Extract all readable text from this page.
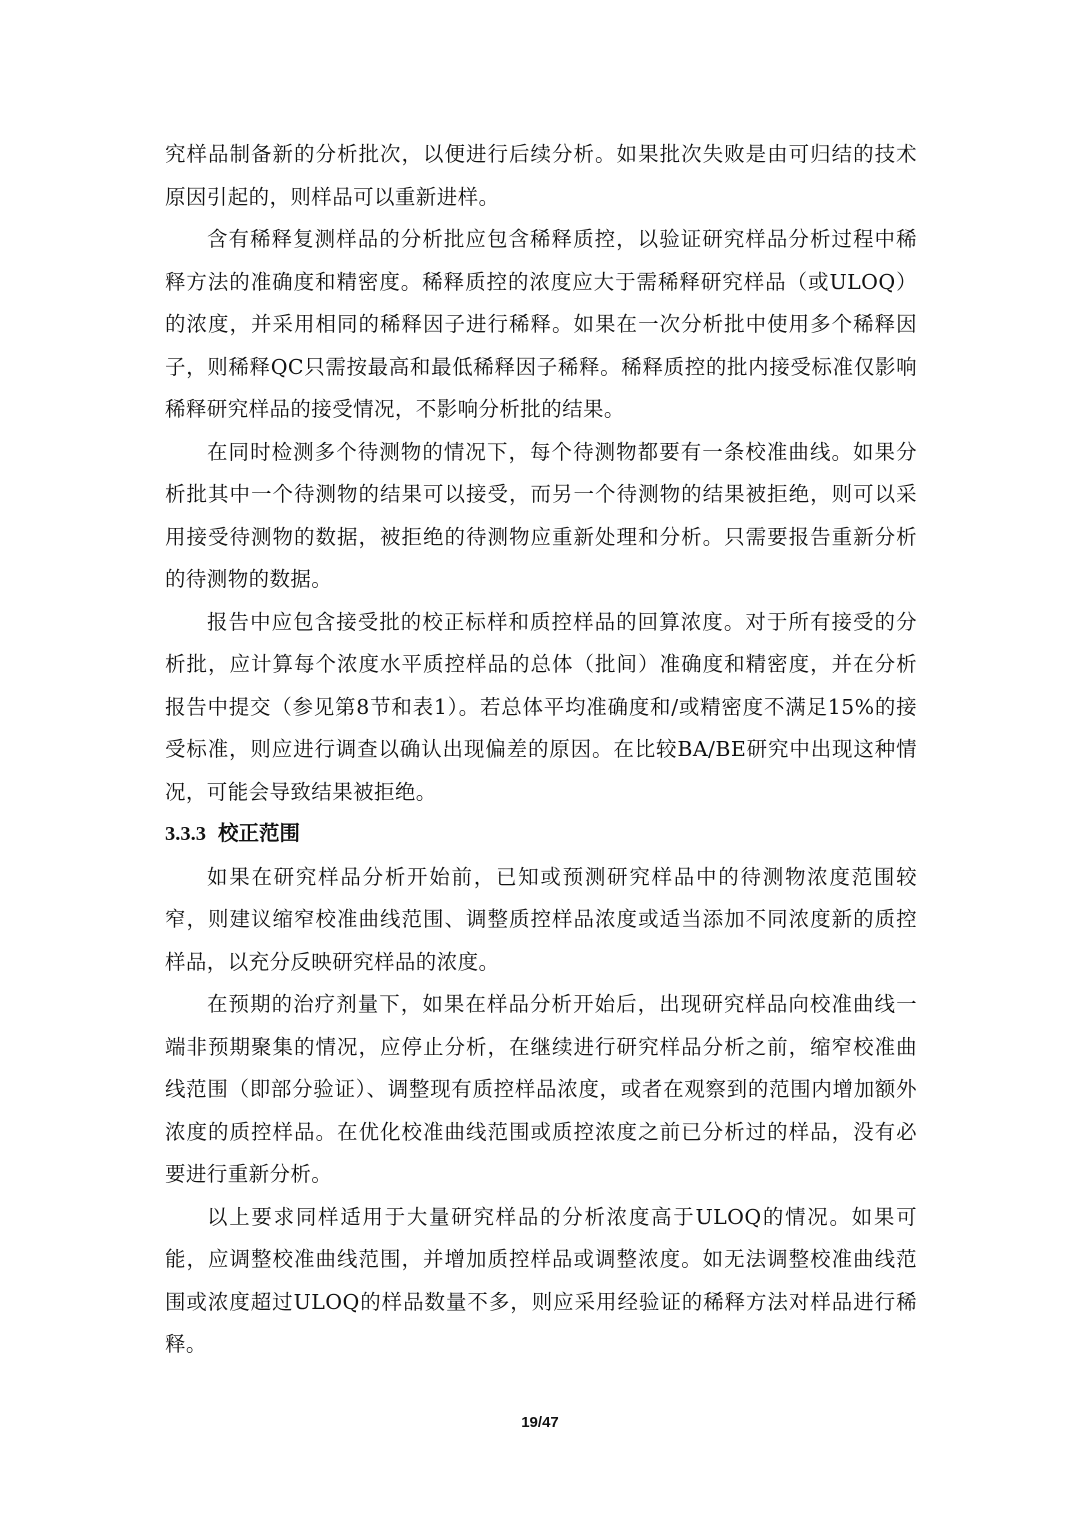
究样品制备新的分析批次，以便进行后续分析。如果批次失败是由可归结的技术原因引起的，则样品可以重新进样。

含有稀释复测样品的分析批应包含稀释质控，以验证研究样品分析过程中稀释方法的准确度和精密度。稀释质控的浓度应大于需稀释研究样品（或ULOQ）的浓度，并采用相同的稀释因子进行稀释。如果在一次分析批中使用多个稀释因子，则稀释QC只需按最高和最低稀释因子稀释。稀释质控的批内接受标准仅影响稀释研究样品的接受情况，不影响分析批的结果。

在同时检测多个待测物的情况下，每个待测物都要有一条校准曲线。如果分析批其中一个待测物的结果可以接受，而另一个待测物的结果被拒绝，则可以采用接受待测物的数据，被拒绝的待测物应重新处理和分析。只需要报告重新分析的待测物的数据。

报告中应包含接受批的校正标样和质控样品的回算浓度。对于所有接受的分析批，应计算每个浓度水平质控样品的总体（批间）准确度和精密度，并在分析报告中提交（参见第8节和表1）。若总体平均准确度和/或精密度不满足15%的接受标准，则应进行调查以确认出现偏差的原因。在比较BA/BE研究中出现这种情况，可能会导致结果被拒绝。

3.3.3 校正范围

如果在研究样品分析开始前，已知或预测研究样品中的待测物浓度范围较窄，则建议缩窄校准曲线范围、调整质控样品浓度或适当添加不同浓度新的质控样品，以充分反映研究样品的浓度。

在预期的治疗剂量下，如果在样品分析开始后，出现研究样品向校准曲线一端非预期聚集的情况，应停止分析，在继续进行研究样品分析之前，缩窄校准曲线范围（即部分验证）、调整现有质控样品浓度，或者在观察到的范围内增加额外浓度的质控样品。在优化校准曲线范围或质控浓度之前已分析过的样品，没有必要进行重新分析。

以上要求同样适用于大量研究样品的分析浓度高于ULOQ的情况。如果可能，应调整校准曲线范围，并增加质控样品或调整浓度。如无法调整校准曲线范围或浓度超过ULOQ的样品数量不多，则应采用经验证的稀释方法对样品进行稀释。

19/47
